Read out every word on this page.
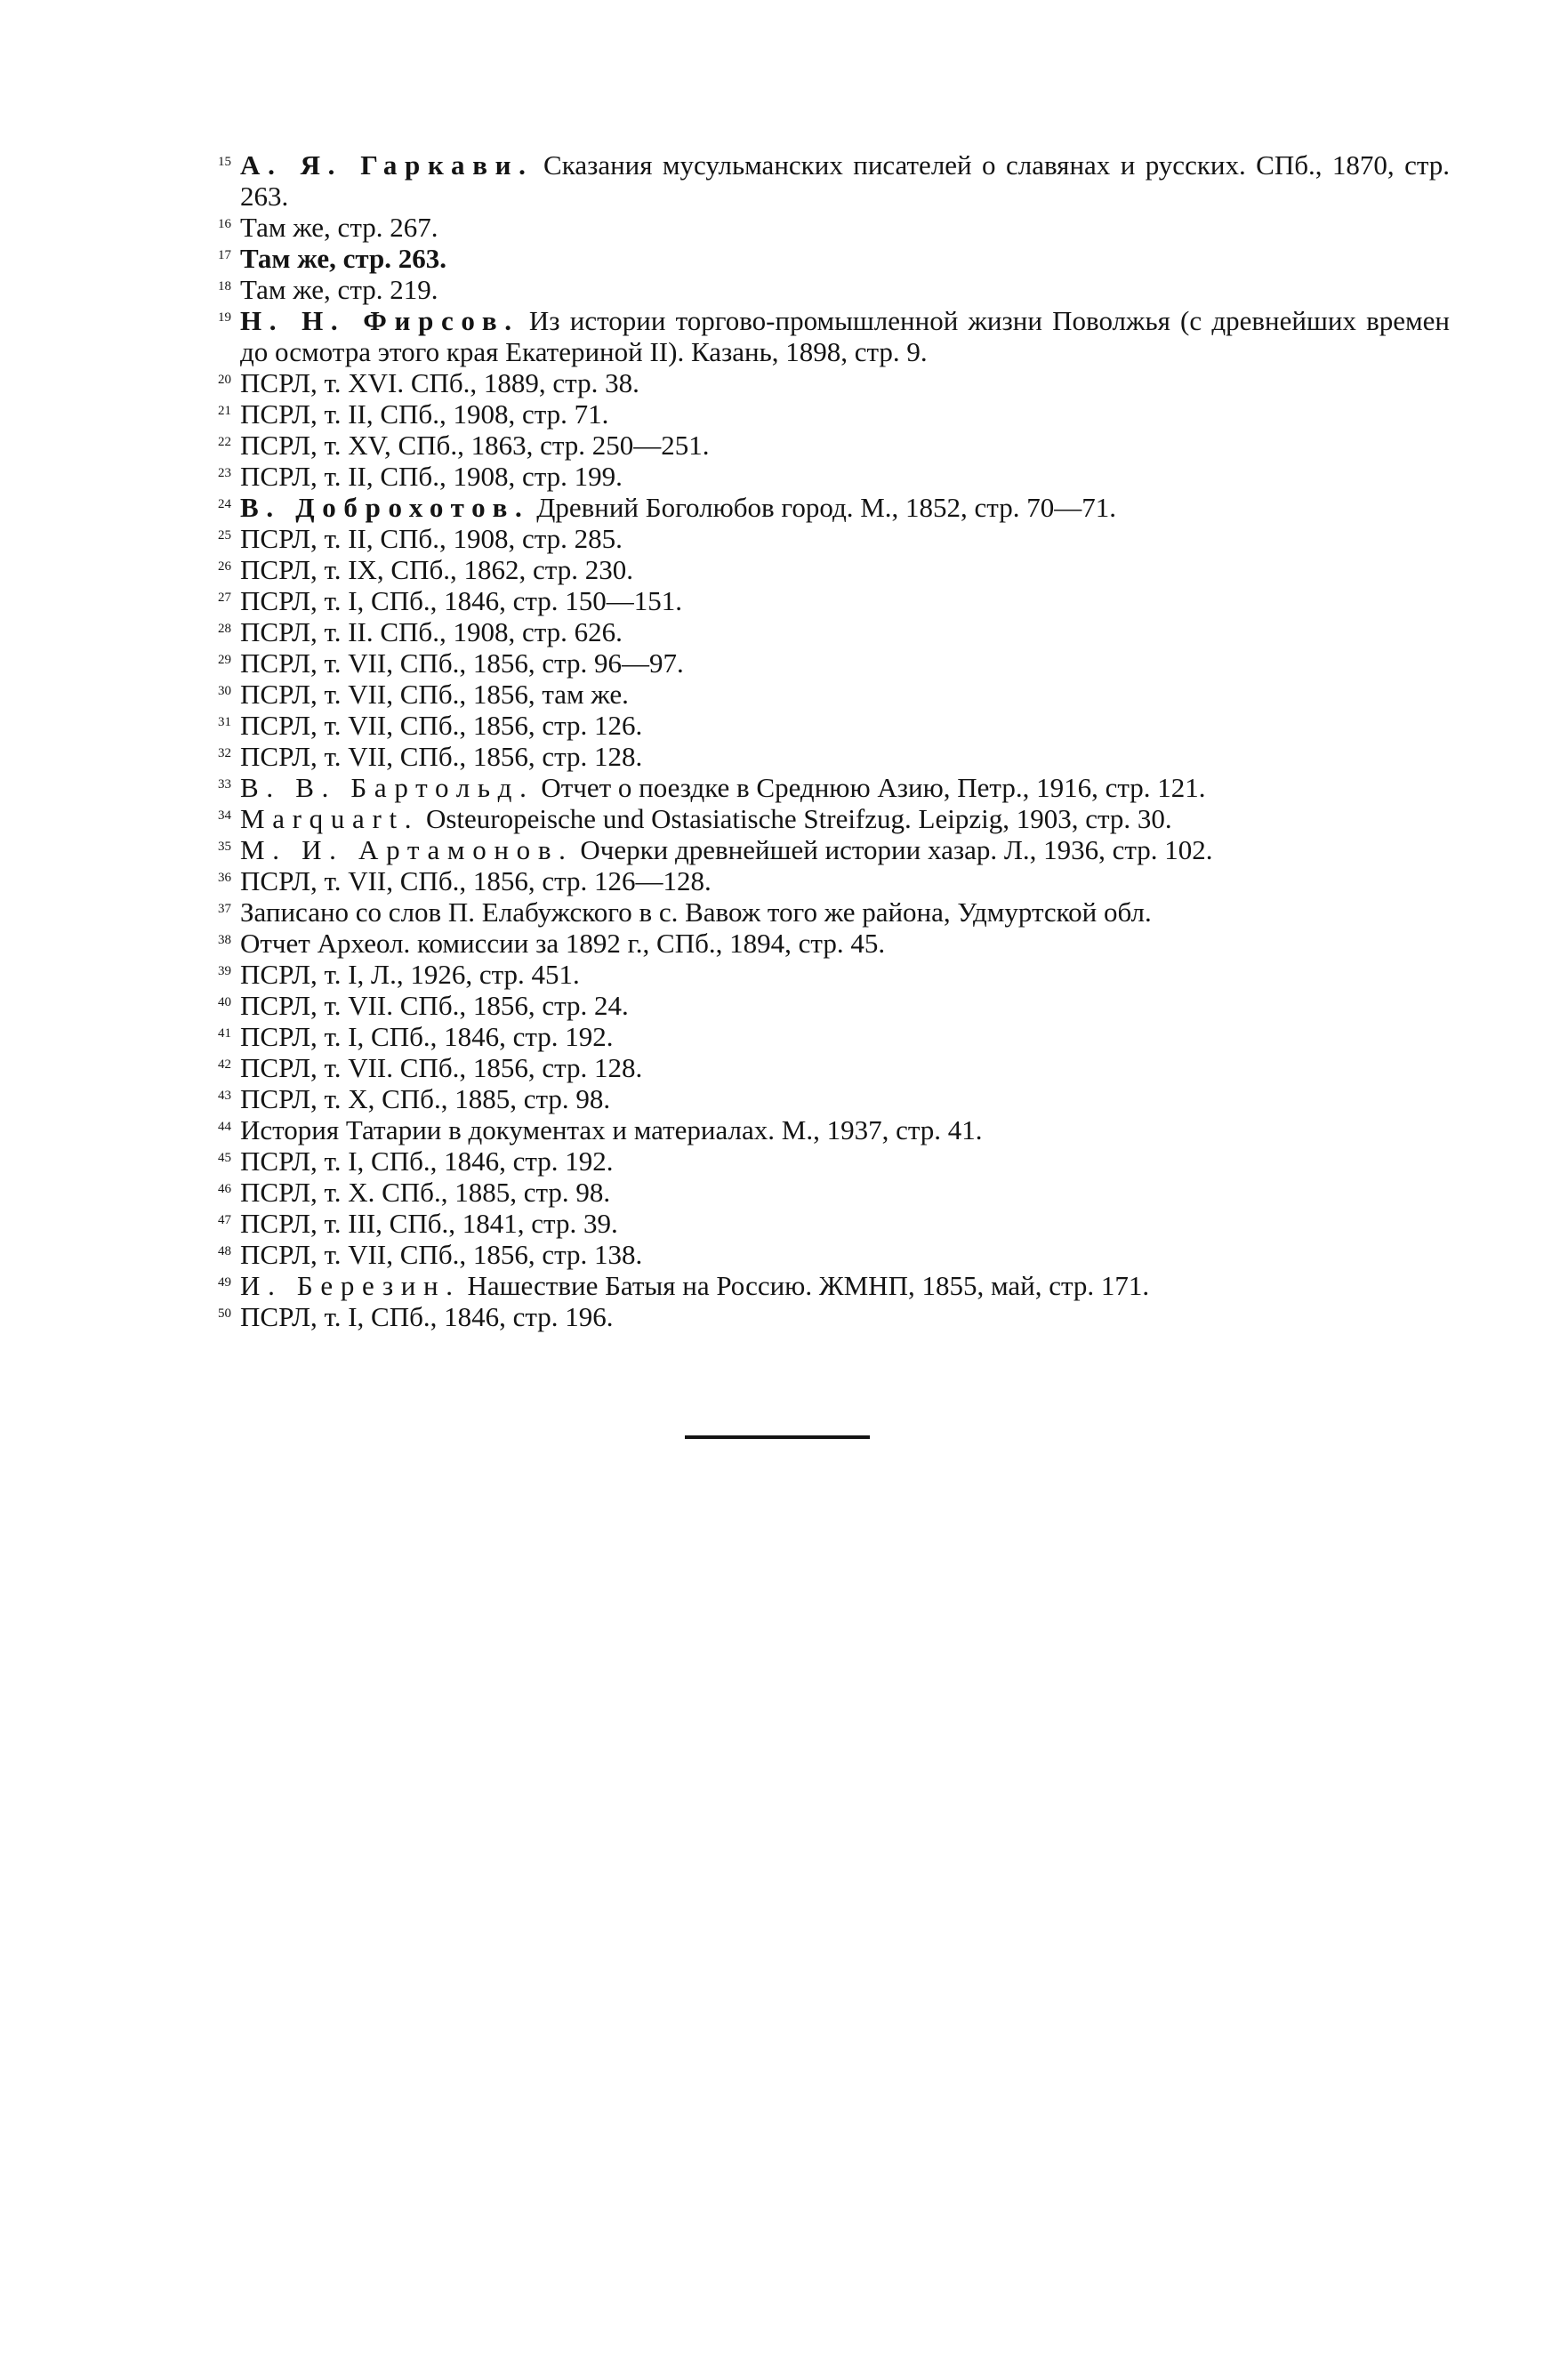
15 А. Я. Гаркави. Сказания мусульманских писателей о славянах и русских. СПб., 1870, стр. 263.
16 Там же, стр. 267.
17 Там же, стр. 263.
18 Там же, стр. 219.
19 Н. Н. Фирсов. Из истории торгово-промышленной жизни Поволжья (с древнейших времен до осмотра этого края Екатериной II). Казань, 1898, стр. 9.
20 ПСРЛ, т. XVI. СПб., 1889, стр. 38.
21 ПСРЛ, т. II, СПб., 1908, стр. 71.
22 ПСРЛ, т. XV, СПб., 1863, стр. 250—251.
23 ПСРЛ, т. II, СПб., 1908, стр. 199.
24 В. Доброхотов. Древний Боголюбов город. М., 1852, стр. 70—71.
25 ПСРЛ, т. II, СПб., 1908, стр. 285.
26 ПСРЛ, т. IX, СПб., 1862, стр. 230.
27 ПСРЛ, т. I, СПб., 1846, стр. 150—151.
28 ПСРЛ, т. II. СПб., 1908, стр. 626.
29 ПСРЛ, т. VII, СПб., 1856, стр. 96—97.
30 ПСРЛ, т. VII, СПб., 1856, там же.
31 ПСРЛ, т. VII, СПб., 1856, стр. 126.
32 ПСРЛ, т. VII, СПб., 1856, стр. 128.
33 В. В. Бартольд. Отчет о поездке в Среднюю Азию, Петр., 1916, стр. 121.
34 Marquart. Osteuropeische und Ostasiatische Streifzug. Leipzig, 1903, стр. 30.
35 М. И. Артамонов. Очерки древнейшей истории хазар. Л., 1936, стр. 102.
36 ПСРЛ, т. VII, СПб., 1856, стр. 126—128.
37 Записано со слов П. Елабужского в с. Вавож того же района, Удмуртской обл.
38 Отчет Археол. комиссии за 1892 г., СПб., 1894, стр. 45.
39 ПСРЛ, т. I, Л., 1926, стр. 451.
40 ПСРЛ, т. VII. СПб., 1856, стр. 24.
41 ПСРЛ, т. I, СПб., 1846, стр. 192.
42 ПСРЛ, т. VII. СПб., 1856, стр. 128.
43 ПСРЛ, т. X, СПб., 1885, стр. 98.
44 История Татарии в документах и материалах. М., 1937, стр. 41.
45 ПСРЛ, т. I, СПб., 1846, стр. 192.
46 ПСРЛ, т. X. СПб., 1885, стр. 98.
47 ПСРЛ, т. III, СПб., 1841, стр. 39.
48 ПСРЛ, т. VII, СПб., 1856, стр. 138.
49 И. Березин. Нашествие Батыя на Россию. ЖМНП, 1855, май, стр. 171.
50 ПСРЛ, т. I, СПб., 1846, стр. 196.
